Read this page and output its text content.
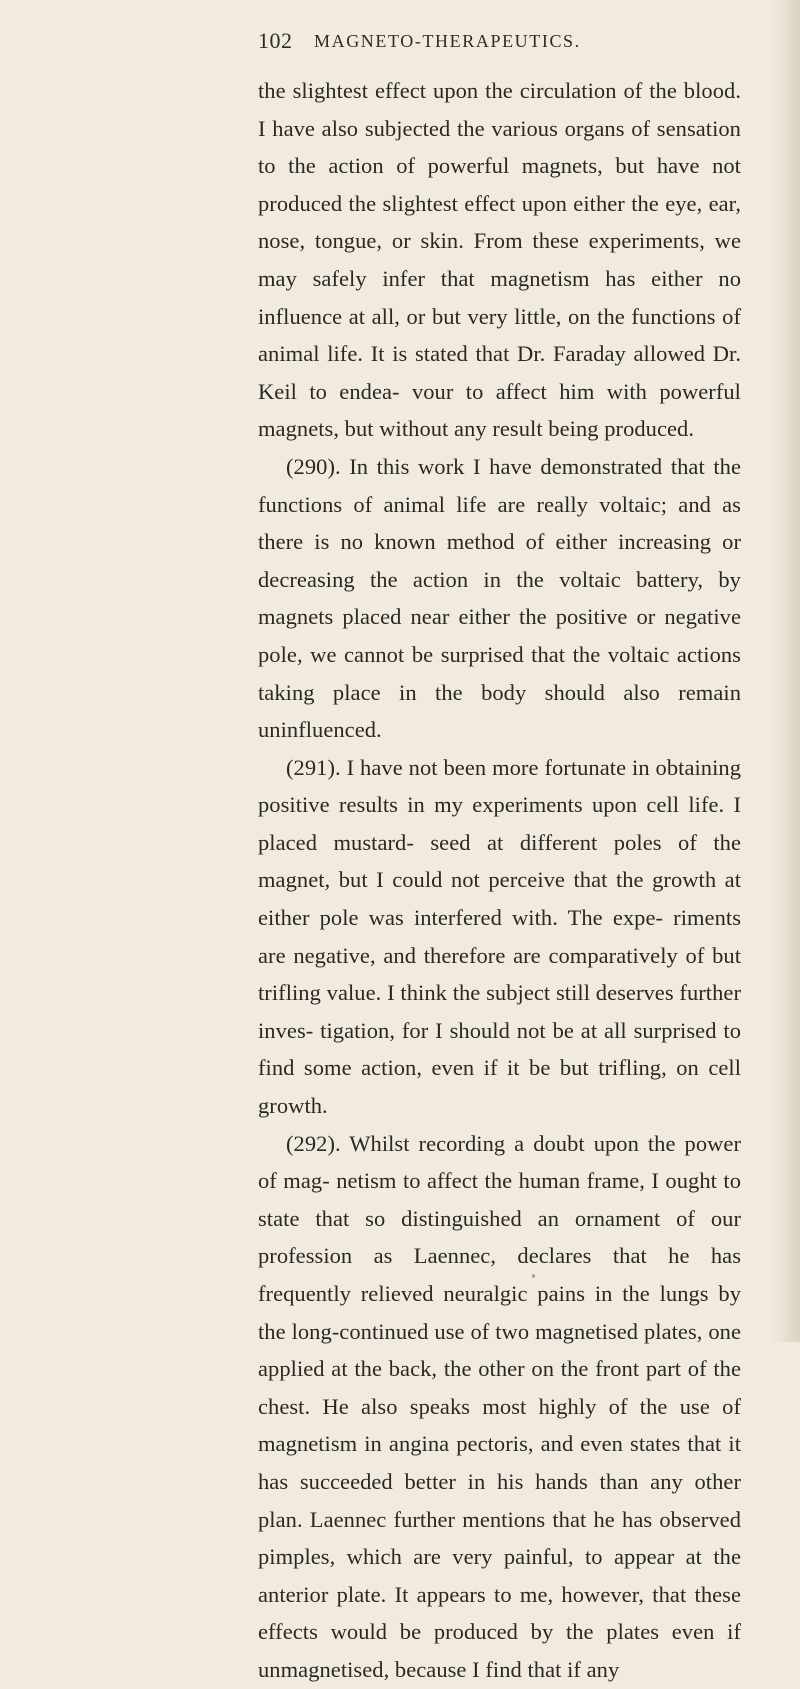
102 MAGNETO-THERAPEUTICS.

the slightest effect upon the circulation of the blood. I have also subjected the various organs of sensation to the action of powerful magnets, but have not produced the slightest effect upon either the eye, ear, nose, tongue, or skin. From these experiments, we may safely infer that magnetism has either no influence at all, or but very little, on the functions of animal life. It is stated that Dr. Faraday allowed Dr. Keil to endea- vour to affect him with powerful magnets, but without any result being produced.

(290). In this work I have demonstrated that the functions of animal life are really voltaic; and as there is no known method of either increasing or decreasing the action in the voltaic battery, by magnets placed near either the positive or negative pole, we cannot be surprised that the voltaic actions taking place in the body should also remain uninfluenced.

(291). I have not been more fortunate in obtaining positive results in my experiments upon cell life. I placed mustard- seed at different poles of the magnet, but I could not perceive that the growth at either pole was interfered with. The expe- riments are negative, and therefore are comparatively of but trifling value. I think the subject still deserves further inves- tigation, for I should not be at all surprised to find some action, even if it be but trifling, on cell growth.

(292). Whilst recording a doubt upon the power of mag- netism to affect the human frame, I ought to state that so distinguished an ornament of our profession as Laennec, declares that he has frequently relieved neuralgic pains in the lungs by the long-continued use of two magnetised plates, one applied at the back, the other on the front part of the chest. He also speaks most highly of the use of magnetism in angina pectoris, and even states that it has succeeded better in his hands than any other plan. Laennec further mentions that he has observed pimples, which are very painful, to appear at the anterior plate. It appears to me, however, that these effects would be produced by the plates even if unmagnetised, because I find that if any
